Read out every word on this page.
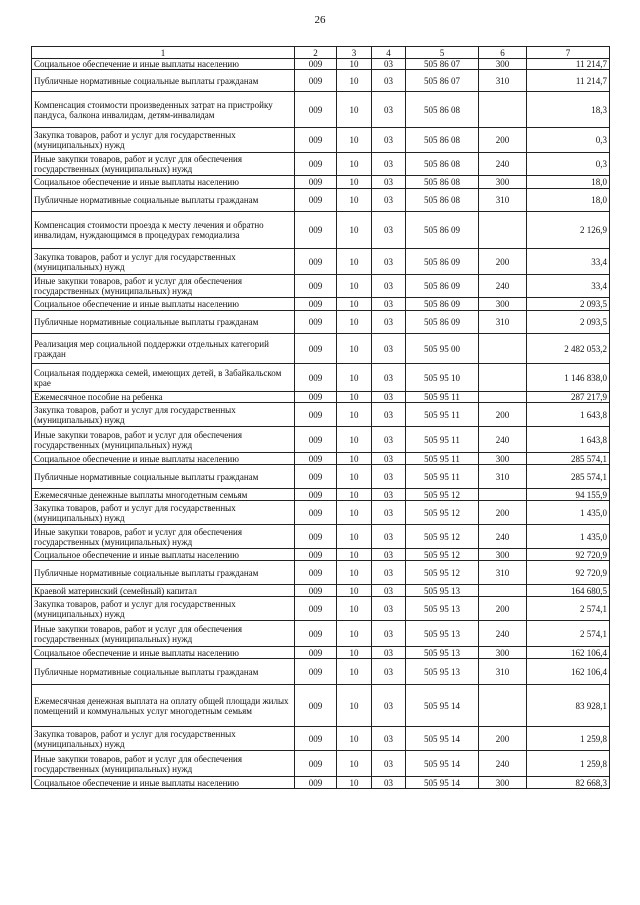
26
1	2	3	4	5	6	7
Социальное обеспечение и иные выплаты населению	009	10	03	505 86 07	300	11 214,7
Публичные нормативные социальные выплаты гражданам	009	10	03	505 86 07	310	11 214,7
Компенсация стоимости произведенных затрат на пристройку пандуса, балкона инвалидам, детям-инвалидам	009	10	03	505 86 08		18,3
Закупка товаров, работ и услуг для государственных (муниципальных) нужд	009	10	03	505 86 08	200	0,3
Иные закупки товаров, работ и услуг для обеспечения государственных (муниципальных) нужд	009	10	03	505 86 08	240	0,3
Социальное обеспечение и иные выплаты населению	009	10	03	505 86 08	300	18,0
Публичные нормативные социальные выплаты гражданам	009	10	03	505 86 08	310	18,0
Компенсация стоимости проезда к месту лечения и обратно инвалидам, нуждающимся в процедурах гемодиализа	009	10	03	505 86 09		2 126,9
Закупка товаров, работ и услуг для государственных (муниципальных) нужд	009	10	03	505 86 09	200	33,4
Иные закупки товаров, работ и услуг для обеспечения государственных (муниципальных) нужд	009	10	03	505 86 09	240	33,4
Социальное обеспечение и иные выплаты населению	009	10	03	505 86 09	300	2 093,5
Публичные нормативные социальные выплаты гражданам	009	10	03	505 86 09	310	2 093,5
Реализация мер социальной поддержки отдельных категорий граждан	009	10	03	505 95 00		2 482 053,2
Социальная поддержка семей, имеющих детей, в Забайкальском крае	009	10	03	505 95 10		1 146 838,0
Ежемесячное пособие на ребенка	009	10	03	505 95 11		287 217,9
Закупка товаров, работ и услуг для государственных (муниципальных) нужд	009	10	03	505 95 11	200	1 643,8
Иные закупки товаров, работ и услуг для обеспечения государственных (муниципальных) нужд	009	10	03	505 95 11	240	1 643,8
Социальное обеспечение и иные выплаты населению	009	10	03	505 95 11	300	285 574,1
Публичные нормативные социальные выплаты гражданам	009	10	03	505 95 11	310	285 574,1
Ежемесячные денежные выплаты многодетным семьям	009	10	03	505 95 12		94 155,9
Закупка товаров, работ и услуг для государственных (муниципальных) нужд	009	10	03	505 95 12	200	1 435,0
Иные закупки товаров, работ и услуг для обеспечения государственных (муниципальных) нужд	009	10	03	505 95 12	240	1 435,0
Социальное обеспечение и иные выплаты населению	009	10	03	505 95 12	300	92 720,9
Публичные нормативные социальные выплаты гражданам	009	10	03	505 95 12	310	92 720,9
Краевой материнский (семейный) капитал	009	10	03	505 95 13		164 680,5
Закупка товаров, работ и услуг для государственных (муниципальных) нужд	009	10	03	505 95 13	200	2 574,1
Иные закупки товаров, работ и услуг для обеспечения государственных (муниципальных) нужд	009	10	03	505 95 13	240	2 574,1
Социальное обеспечение и иные выплаты населению	009	10	03	505 95 13	300	162 106,4
Публичные нормативные социальные выплаты гражданам	009	10	03	505 95 13	310	162 106,4
Ежемесячная денежная выплата на оплату общей площади жилых помещений и коммунальных услуг многодетным семьям	009	10	03	505 95 14		83 928,1
Закупка товаров, работ и услуг для государственных (муниципальных) нужд	009	10	03	505 95 14	200	1 259,8
Иные закупки товаров, работ и услуг для обеспечения государственных (муниципальных) нужд	009	10	03	505 95 14	240	1 259,8
Социальное обеспечение и иные выплаты населению	009	10	03	505 95 14	300	82 668,3
